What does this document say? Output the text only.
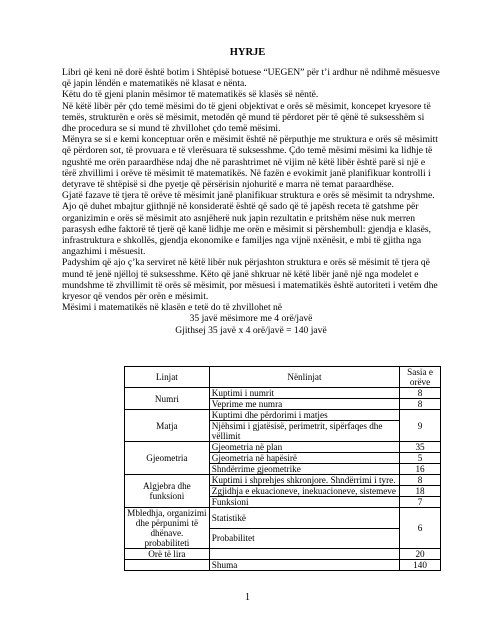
HYRJE

Libri që keni në dorë është botim i Shtëpisë botuese “UEGEN” për t’i ardhur në ndihmë mësuesve që japin lëndën e matematikës në klasat e nënta.

Këtu do të gjeni planin mësimor të matematikës së klasës së nëntë.

Në këtë libër për çdo temë mësimi do të gjeni objektivat e orës së mësimit, koncepet kryesore të temës, strukturën e orës së mësimit, metodën që mund të përdoret për të qënë të suksesshëm si dhe procedura se si mund të zhvillohet çdo temë mësimi.

Mënyra se si e kemi konceptuar orën e mësimit është në përputhje me struktura e orës së mësimitt që përdoren sot, të provuara e të vlerësuara të suksesshme. Çdo temë mësimi mësimi ka lidhje të ngushtë me orën paraardhëse ndaj dhe në parashtrimet në vijim në këtë libër është parë si një e tërë zhvillimi i orëve të mësimit të matematikës. Në fazën e evokimit janë planifikuar kontrolli i detyrave të shtëpisë si dhe pyetje që përsërisin njohuritë e marra në temat paraardhëse.

Gjatë fazave të tjera të orëve të mësimit janë planifikuar struktura e orës së mësimit ta ndryshme.

Ajo që duhet mbajtur gjithnjë në konsideratë është që sado që të japësh receta të gatshme për organizimin e orës së mësimit ato asnjëherë nuk japin rezultatin e pritshëm nëse nuk merren parasysh edhe faktorë të tjerë që kanë lidhje me orën e mësimit si përshembull: gjendja e klasës, infrastruktura e shkollës, gjendja ekonomike e familjes nga vijnë nxënësit, e mbi të gjitha nga angazhimi i mësuesit.

Padyshim që ajo ç’ka serviret në këtë libër nuk përjashton struktura e orës së mësimit të tjera që mund të jenë njëlloj të suksesshme. Këto që janë shkruar në këtë libër janë një nga modelet e mundshme të zhvillimit të orës së mësimit, por mësuesi i matematikës është autoriteti i vetëm dhe kryesor që vendos për orën e mësimit.

Mësimi i matematikës në klasën e tetë do të zhvillohet në

35 javë mësimore me 4 orë/javë

Gjithsej 35 javë x 4 orë/javë = 140 javë

Linjat	Nënlinjat	Sasia e orëve
Numri	Kuptimi i numrit	8
	Veprime me numra	8
Matja	Kuptimi dhe përdorimi i matjes	9
	Njëhsimi i gjatësisë, perimetrit, sipërfaqes dhe vëllimit	
Gjeometria	Gjeometria në plan	35
	Gjeometria në hapësirë	5
	Shndërrime gjeometrike	16
Algjebra dhe funksioni	Kuptimi i shprehjes shkronjore. Shndërrimi i tyre.	8
	Zgjidhja e ekuacioneve, inekuacioneve, sistemeve	18
	Funksioni	7
Mbledhja, organizimi dhe përpunimi të dhënave. probabiliteti	Statistikë	6
	Probabilitet	
Orë të lira		20
	Shuma	140
1
